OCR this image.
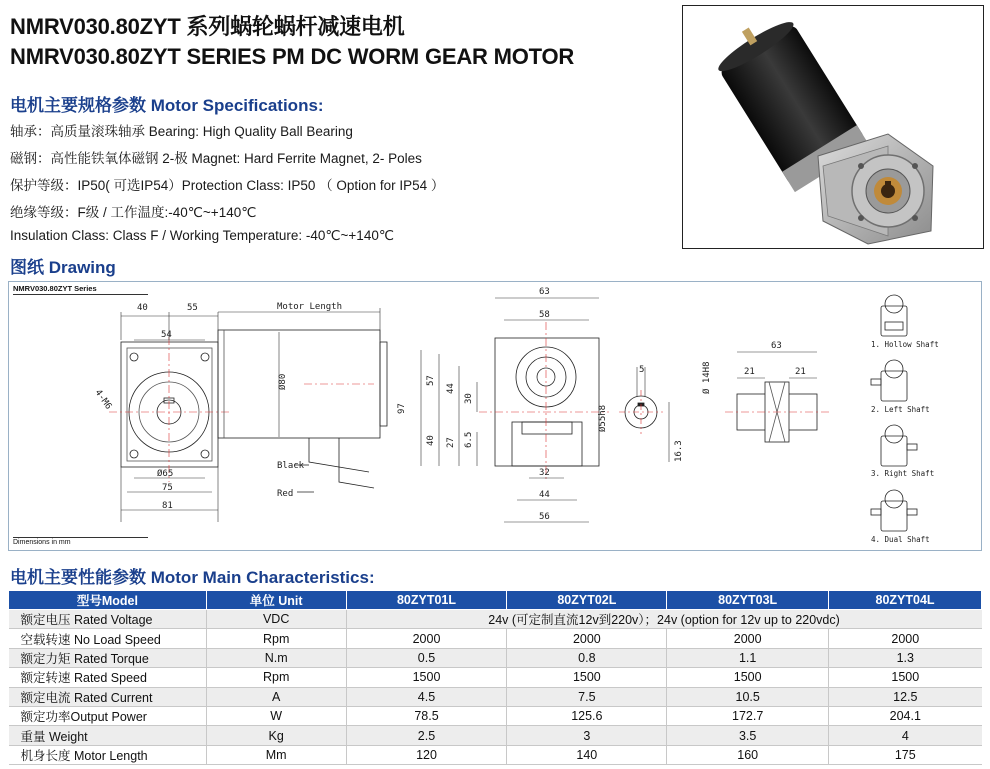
NMRV030.80ZYT 系列蜗轮蜗杆减速电机
NMRV030.80ZYT SERIES PM DC WORM GEAR MOTOR
电机主要规格参数 Motor Specifications:
轴承：高质量滚珠轴承 Bearing: High Quality Ball Bearing
磁钢：高性能铁氧体磁钢 2-极 Magnet: Hard Ferrite Magnet, 2- Poles
保护等级：IP50( 可选IP54）Protection Class: IP50 （ Option for IP54 ）
绝缘等级：F级 / 工作温度:-40℃~+140℃
Insulation Class: Class F / Working Temperature: -40℃~+140℃
图纸 Drawing
NMRV030.80ZYT Series
Dimensions in mm
40	55	Motor Length
54
Ø65
75
81
4-M6
Ø80
Black
Red
63
58
97
57
44
30
40 27 6.5
32
44
56
Ø55h8
5
16.3
Ø 14H8
63
21	21
1. Hollow Shaft
2. Left Shaft
3. Right Shaft
4. Dual Shaft
电机主要性能参数 Motor Main Characteristics:
型号Model	单位 Unit	80ZYT01L	80ZYT02L	80ZYT03L	80ZYT04L
额定电压 Rated Voltage	VDC	24v (可定制直流12v到220v）；24v (option for 12v up to 220vdc)			
空载转速 No Load Speed	Rpm	2000	2000	2000	2000
额定力矩 Rated Torque	N.m	0.5	0.8	1.1	1.3
额定转速 Rated Speed	Rpm	1500	1500	1500	1500
额定电流 Rated Current	A	4.5	7.5	10.5	12.5
额定功率Output Power	W	78.5	125.6	172.7	204.1
重量 Weight	Kg	2.5	3	3.5	4
机身长度 Motor Length	Mm	120	140	160	175
